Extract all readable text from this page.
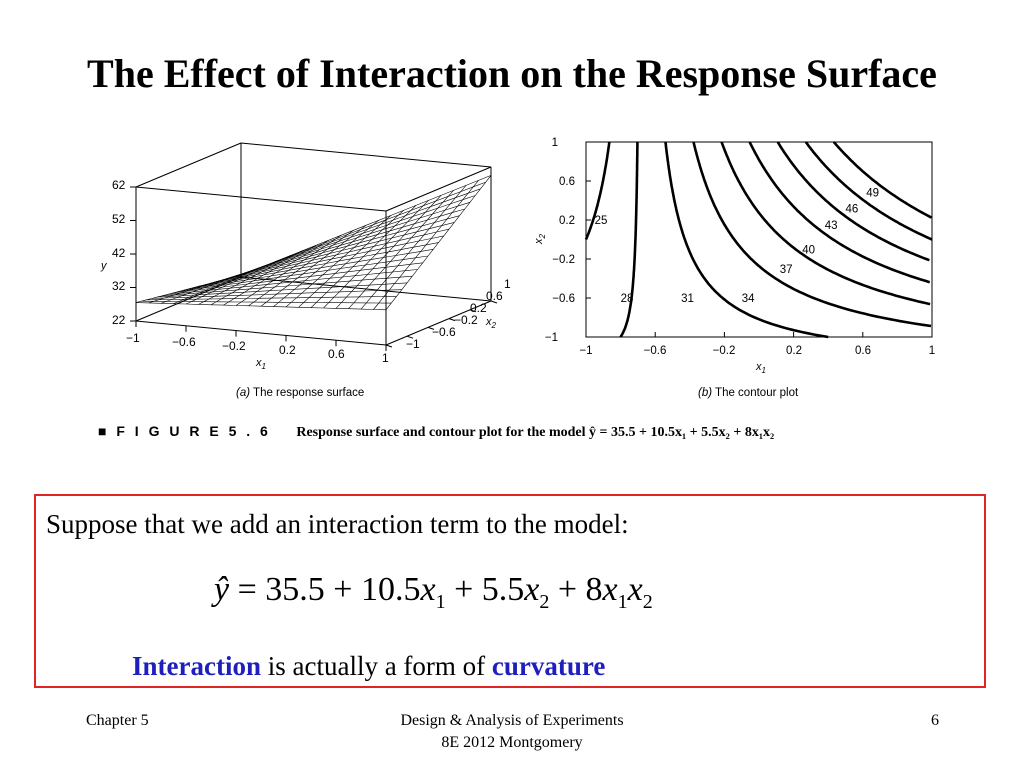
The Effect of Interaction on the Response Surface
y
$x_1$
$x_2$
62
52
42
32
22
−1	−0.6 −0.2	0.2	0.6	1
1
0.6
0.2
−0.2
−0.6
−1
(a) The response surface
1
0.6
0.2
−0.2
−0.6
−1
−1	−0.6	−0.2	0.2	0.6	1
$x_1$
$x_2$
(b) The contour plot
25
28	31	34
37
40
43
46
49
■ F I G U R E 5 . 6 Response surface and contour plot for the model ŷ = 35.5 + 10.5x₁ + 5.5x₂ + 8x₁x₂
Suppose that we add an interaction term to the model:
ŷ = $35.5 + 10.5x_1 + 5.5x_2 + 8x_1x_2$
Interaction is actually a form of curvature
Chapter 5	Design & Analysis of Experiments
8E 2012 Montgomery
6
